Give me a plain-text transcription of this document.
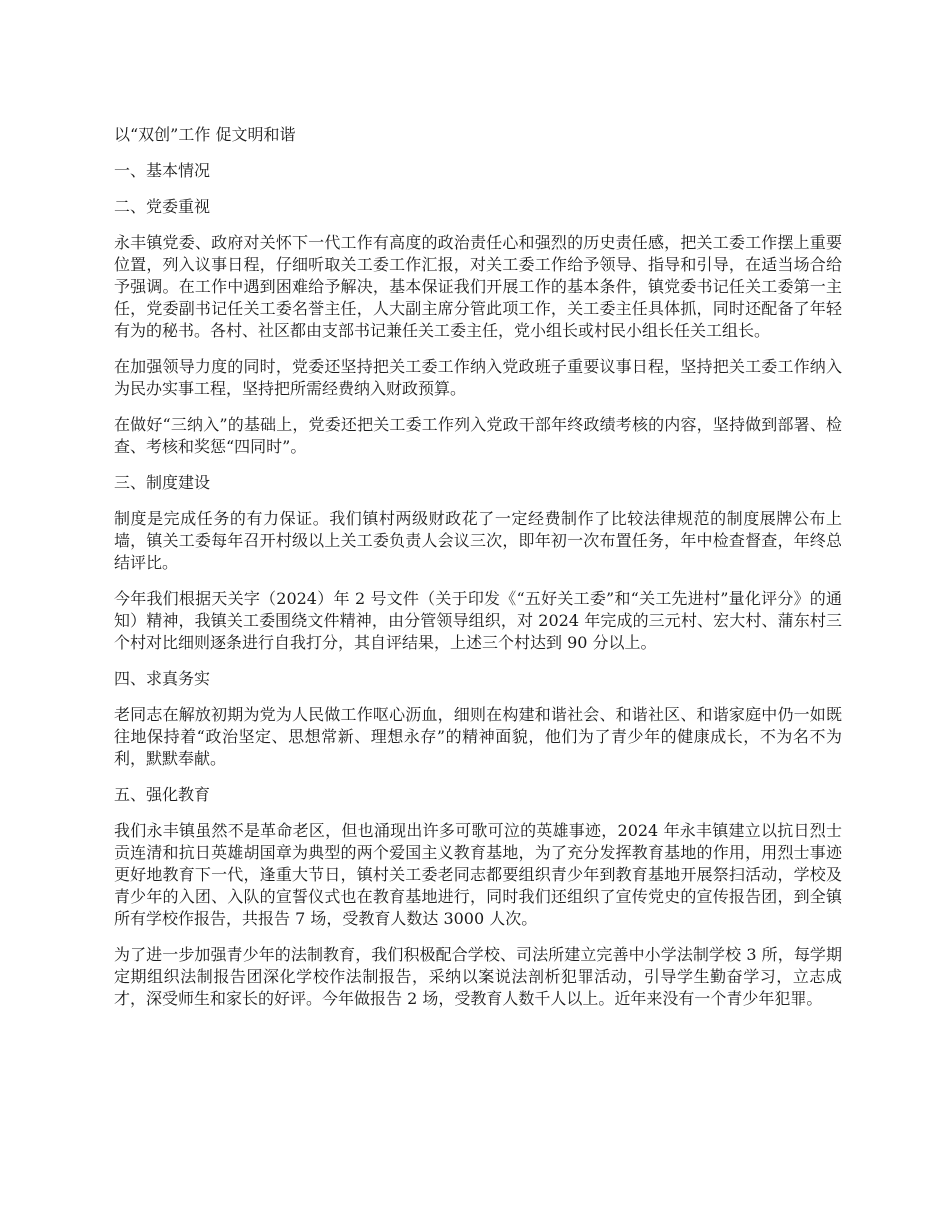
以“双创”工作 促文明和谐

一、基本情况

二、党委重视

永丰镇党委、政府对关怀下一代工作有高度的政治责任心和强烈的历史责任感，把关工委工作摆上重要位置，列入议事日程，仔细听取关工委工作汇报，对关工委工作给予领导、指导和引导，在适当场合给予强调。在工作中遇到困难给予解决，基本保证我们开展工作的基本条件，镇党委书记任关工委第一主任，党委副书记任关工委名誉主任，人大副主席分管此项工作，关工委主任具体抓，同时还配备了年轻有为的秘书。各村、社区都由支部书记兼任关工委主任，党小组长或村民小组长任关工组长。

在加强领导力度的同时，党委还坚持把关工委工作纳入党政班子重要议事日程，坚持把关工委工作纳入为民办实事工程，坚持把所需经费纳入财政预算。

在做好“三纳入”的基础上，党委还把关工委工作列入党政干部年终政绩考核的内容，坚持做到部署、检查、考核和奖惩“四同时”。

三、制度建设

制度是完成任务的有力保证。我们镇村两级财政花了一定经费制作了比较法律规范的制度展牌公布上墙，镇关工委每年召开村级以上关工委负责人会议三次，即年初一次布置任务，年中检查督查，年终总结评比。

今年我们根据天关字（2024）年 2 号文件（关于印发《“五好关工委”和“关工先进村”量化评分》的通知）精神，我镇关工委围绕文件精神，由分管领导组织，对 2024 年完成的三元村、宏大村、蒲东村三个村对比细则逐条进行自我打分，其自评结果，上述三个村达到 90 分以上。

四、求真务实

老同志在解放初期为党为人民做工作呕心沥血，细则在构建和谐社会、和谐社区、和谐家庭中仍一如既往地保持着“政治坚定、思想常新、理想永存”的精神面貌，他们为了青少年的健康成长，不为名不为利，默默奉献。

五、强化教育

我们永丰镇虽然不是革命老区，但也涌现出许多可歌可泣的英雄事迹，2024 年永丰镇建立以抗日烈士贡连清和抗日英雄胡国章为典型的两个爱国主义教育基地，为了充分发挥教育基地的作用，用烈士事迹更好地教育下一代，逢重大节日，镇村关工委老同志都要组织青少年到教育基地开展祭扫活动，学校及青少年的入团、入队的宣誓仪式也在教育基地进行，同时我们还组织了宣传党史的宣传报告团，到全镇所有学校作报告，共报告 7 场，受教育人数达 3000 人次。

为了进一步加强青少年的法制教育，我们积极配合学校、司法所建立完善中小学法制学校 3 所，每学期定期组织法制报告团深化学校作法制报告，采纳以案说法剖析犯罪活动，引导学生勤奋学习，立志成才，深受师生和家长的好评。今年做报告 2 场，受教育人数千人以上。近年来没有一个青少年犯罪。
